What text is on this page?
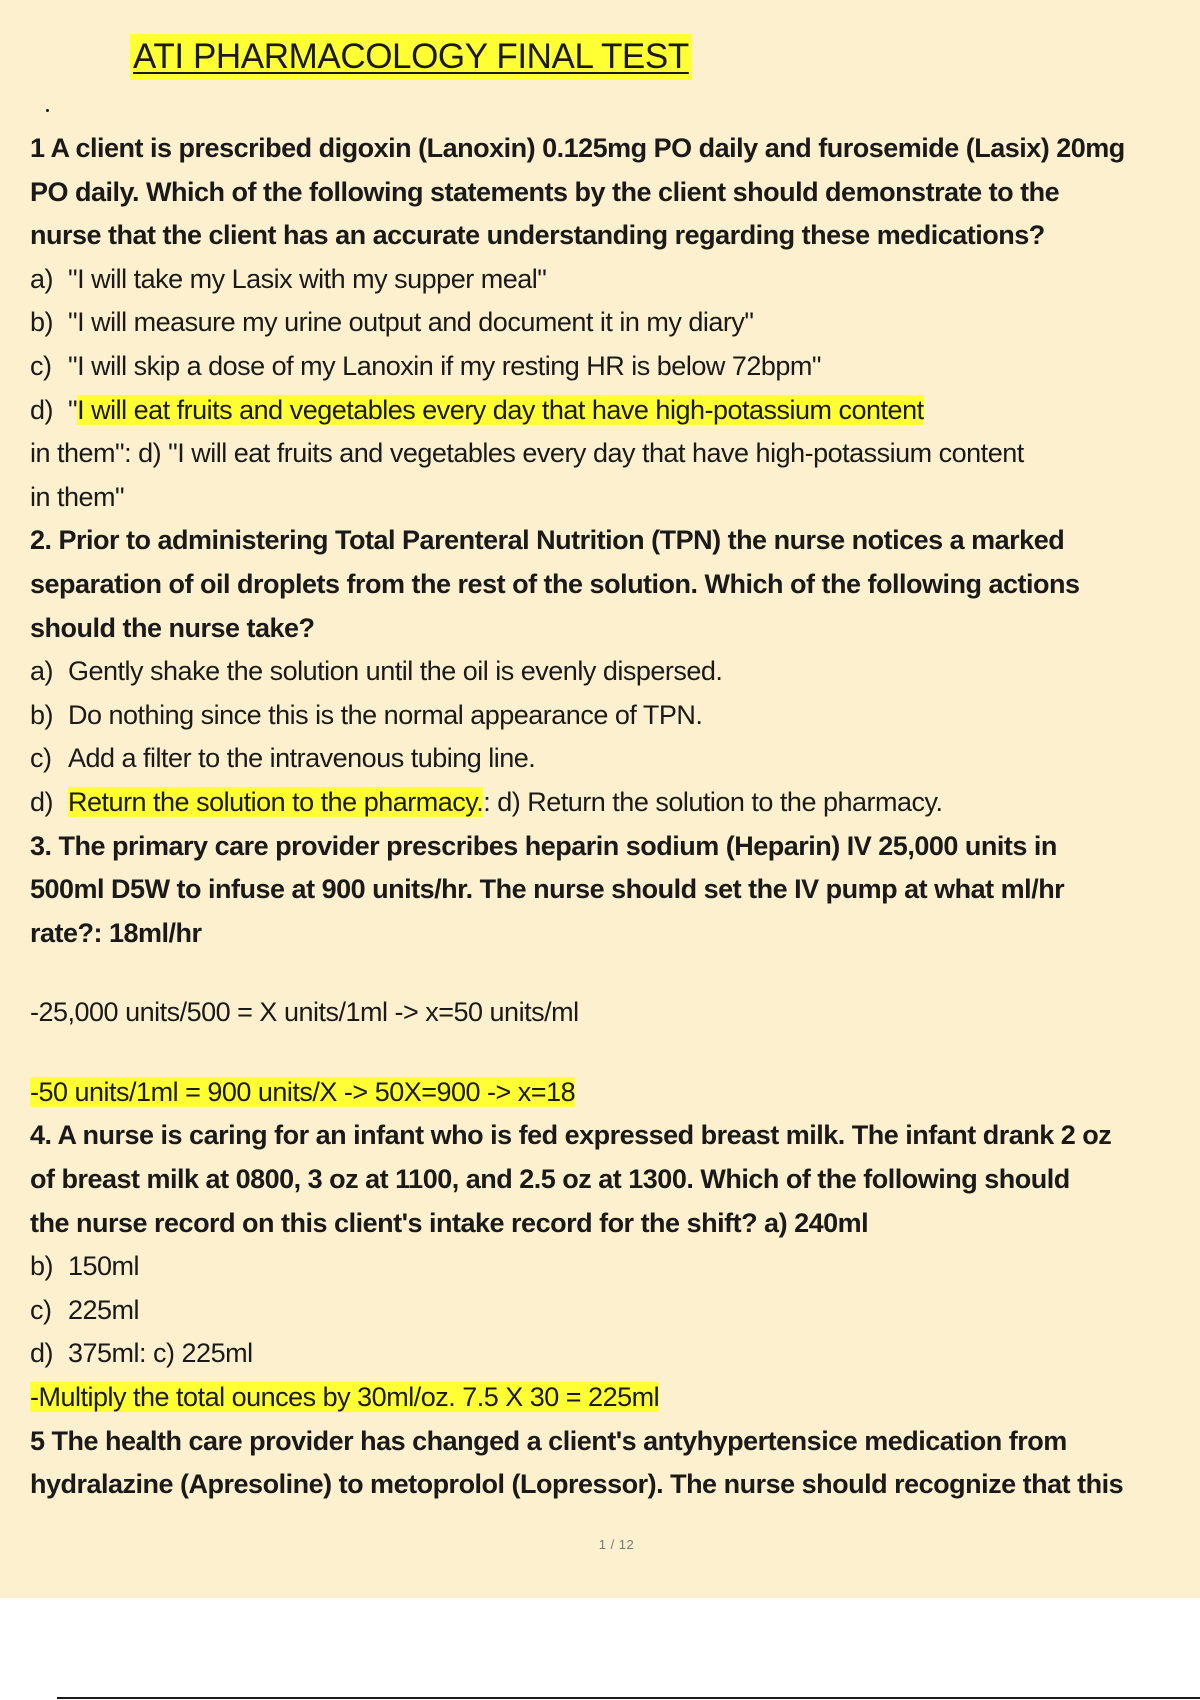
ATI PHARMACOLOGY FINAL TEST
1 A client is prescribed digoxin (Lanoxin) 0.125mg PO daily and furosemide (Lasix) 20mg
PO daily. Which of the following statements by the client should demonstrate to the
nurse that the client has an accurate understanding regarding these medications?
a) "I will take my Lasix with my supper meal"
b) "I will measure my urine output and document it in my diary"
c) "I will skip a dose of my Lanoxin if my resting HR is below 72bpm"
d) "I will eat fruits and vegetables every day that have high-potassium content
in them": d) "I will eat fruits and vegetables every day that have high-potassium content
in them"
2. Prior to administering Total Parenteral Nutrition (TPN) the nurse notices a marked
separation of oil droplets from the rest of the solution. Which of the following actions
should the nurse take?
a) Gently shake the solution until the oil is evenly dispersed.
b) Do nothing since this is the normal appearance of TPN.
c) Add a filter to the intravenous tubing line.
d) Return the solution to the pharmacy.: d) Return the solution to the pharmacy.
3. The primary care provider prescribes heparin sodium (Heparin) IV 25,000 units in
500ml D5W to infuse at 900 units/hr. The nurse should set the IV pump at what ml/hr
rate?: 18ml/hr
-25,000 units/500 = X units/1ml -> x=50 units/ml
-50 units/1ml = 900 units/X -> 50X=900 -> x=18
4. A nurse is caring for an infant who is fed expressed breast milk. The infant drank 2 oz
of breast milk at 0800, 3 oz at 1100, and 2.5 oz at 1300. Which of the following should
the nurse record on this client's intake record for the shift? a) 240ml
b) 150ml
c) 225ml
d) 375ml: c) 225ml
-Multiply the total ounces by 30ml/oz. 7.5 X 30 = 225ml
5 The health care provider has changed a client's antyhypertensice medication from
hydralazine (Apresoline) to metoprolol (Lopressor). The nurse should recognize that this
1 / 12
